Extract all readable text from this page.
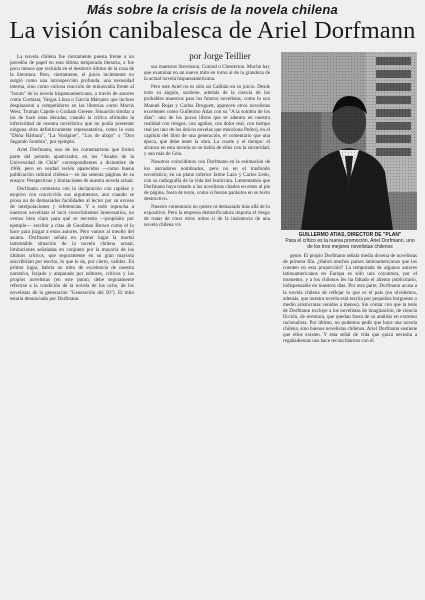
Más sobre la crisis de la novela chilena
La visión canibalesca de Ariel Dorfmann
por Jorge Teillier

La novela chilena fue ciertamente puesta frente a un pavedón de papel en esta última temporada literaria, o fue poco menos que recluida en el destierro último de la cosa de la literatura. Pero, ciertamente, el juicio inclemente no surgió como una introspección profunda, una necesidad interna, sino como curiosa reacción de minusvalía frente al "boom" de la novela hispanoamericana, a través de autores como Cortázar, Vargas Llosa o García Márquez que incluso desplazaron a competidores en las librerías como Morris West, Truman Capote o Graham Greene. Situación similar a las de hace unas décadas, cuando la crítica afirmaba la inferioridad de nuestra novelística que no podía presentar ninguna obra definitivamente representativa, como lo eran "Doña Bárbara", "La Vorágine", "Los de abajo" o "Don Segundo Sombra", por ejemplo.

Ariel Dorfmann, uno de los comentaristas que formó parte del pelotón ajusticiador, en los "Anales de la Universidad de Chile" correspondientes a diciembre de 1966, pero en verdad recién aparecidos —como buena publicación cultural chilena— en las sesenta páginas de su ensayo: Perspectivas y limitaciones de nuestra novela actual.

Dorfmann comienza con la declaración con rapidez y esquivo con convicción sus argumentos, aun cuando se prosa no de demasiados facilidades al lector por su exceso de interpolaciones y referencias. Y a todo reprocha a nuestros novelistas el lucir conocimientos innecesarios, no vemos bien claro para qué se necesita —propósito por ejemplo— escribir a citas de Goodman Brown como el lo hace para juzgar a estos autores. Pero vamos al meollo del asunto. Dorfmann señala en primer lugar la mortal lamentable situación de la novela chilena actual, limitaciones señaladas en conjunto por la mayoría de los últimos críticos, que seguramente en su gran mayoría suscribirían por escrito, lo que le da, por cierto, validez. En primer lugar, habría un mito de excelencia de nuestra narrativa, forjado y amparado por editores, críticos y los propios novelistas (en este punto, debe seguramente referirse a la condición de la novela de los ocho, de los novelistas de la generación "Generación del 50"). El mito estaría denunciado por Dorfmann.

sus maestros Stevenson, Conrad o Chesterton. Mucho hay que examinar en un nuevo mito en torno al de la grandeza de la actual novela hispanoamericana.

Pero este Ariel no es sólo un Calibán en su juicio. Desde todo su ángulo, sostiene, además de la ciencia de los probables maestros para los futuros novelistas, como lo son Manuel Rojas y Carlos Droguett, aparecen otros novelistas excelentes como Guillermo Atías con su "A la sombra de los días": uno de los pocos libros que se adentra en nuestra realidad con riesgos, con agallas, con dolor real, con tiempo real (es uno de los únicos novelas que menciona Pedro), en el capítulo del libro de una generación, el comentario que una época, que debe tener la obra. La cuarte y el tiempo: el alcance en esta novela no se habla de ellos con la sinceridad, y son más de Cela.

Nosotros coincidimos con Dorfmann en la estimación de los narradores nombrados, pero no en el trasfondo novelístico; en un plano inferior Jaime Lazo y Carlos León, con su radiografía de la vida del burócrata. Lamentamos que Dorfmann haya tratado a los novelistas citados en estos al pie de página, fuera de texto, como si fueran parásitos en su texto destructivo.

Nuestro comentario no quiere ni demasiado más allá de lo expositivo. Pero la empresa demistificadora importa el riesgo de tratar de crear otros mitos si de la insistencia de una novela chilena viv

GUILLERMO ATIAS, DIRECTOR DE "PLAN"
Para el crítico es la nueva promoción, Ariel Dorfmann, uno de los tres mejores novelistas chilenos

gente. El propio Dorfmann señala media docena de novelistas de primera fila. ¿Habrá muchos países latinoamericanos que los cuenten en esta proporción? La temporada de algunos autores latinoamericanos en Europa es sólo una coyuntura, por el momento, y a los chilenos les ha faltado el aliento publicitario, indispensable en nuestros días. Por otra parte, Dorfmann acusa a la novela chilena de reflejar lo que es el país (no olvidemos, además, que nuestra novela está escrita por pequeños burgueses o medio aristócratas venidos a menos). Sin contar con que la tesis de Dorfmann excluye a los novelistas de imaginación, de ciencia ficción, de aventura, que quedan fuera de su análisis en extremo racionalista. Por último, no podemos pedir que haya una novela chilena, sino buenos novelistas chilenos. Ariel Dorfmann sostiene que ellos existen. Y esta señal de vida que quizá necesita a regañadientas nos hace reconciliarnos con él.
